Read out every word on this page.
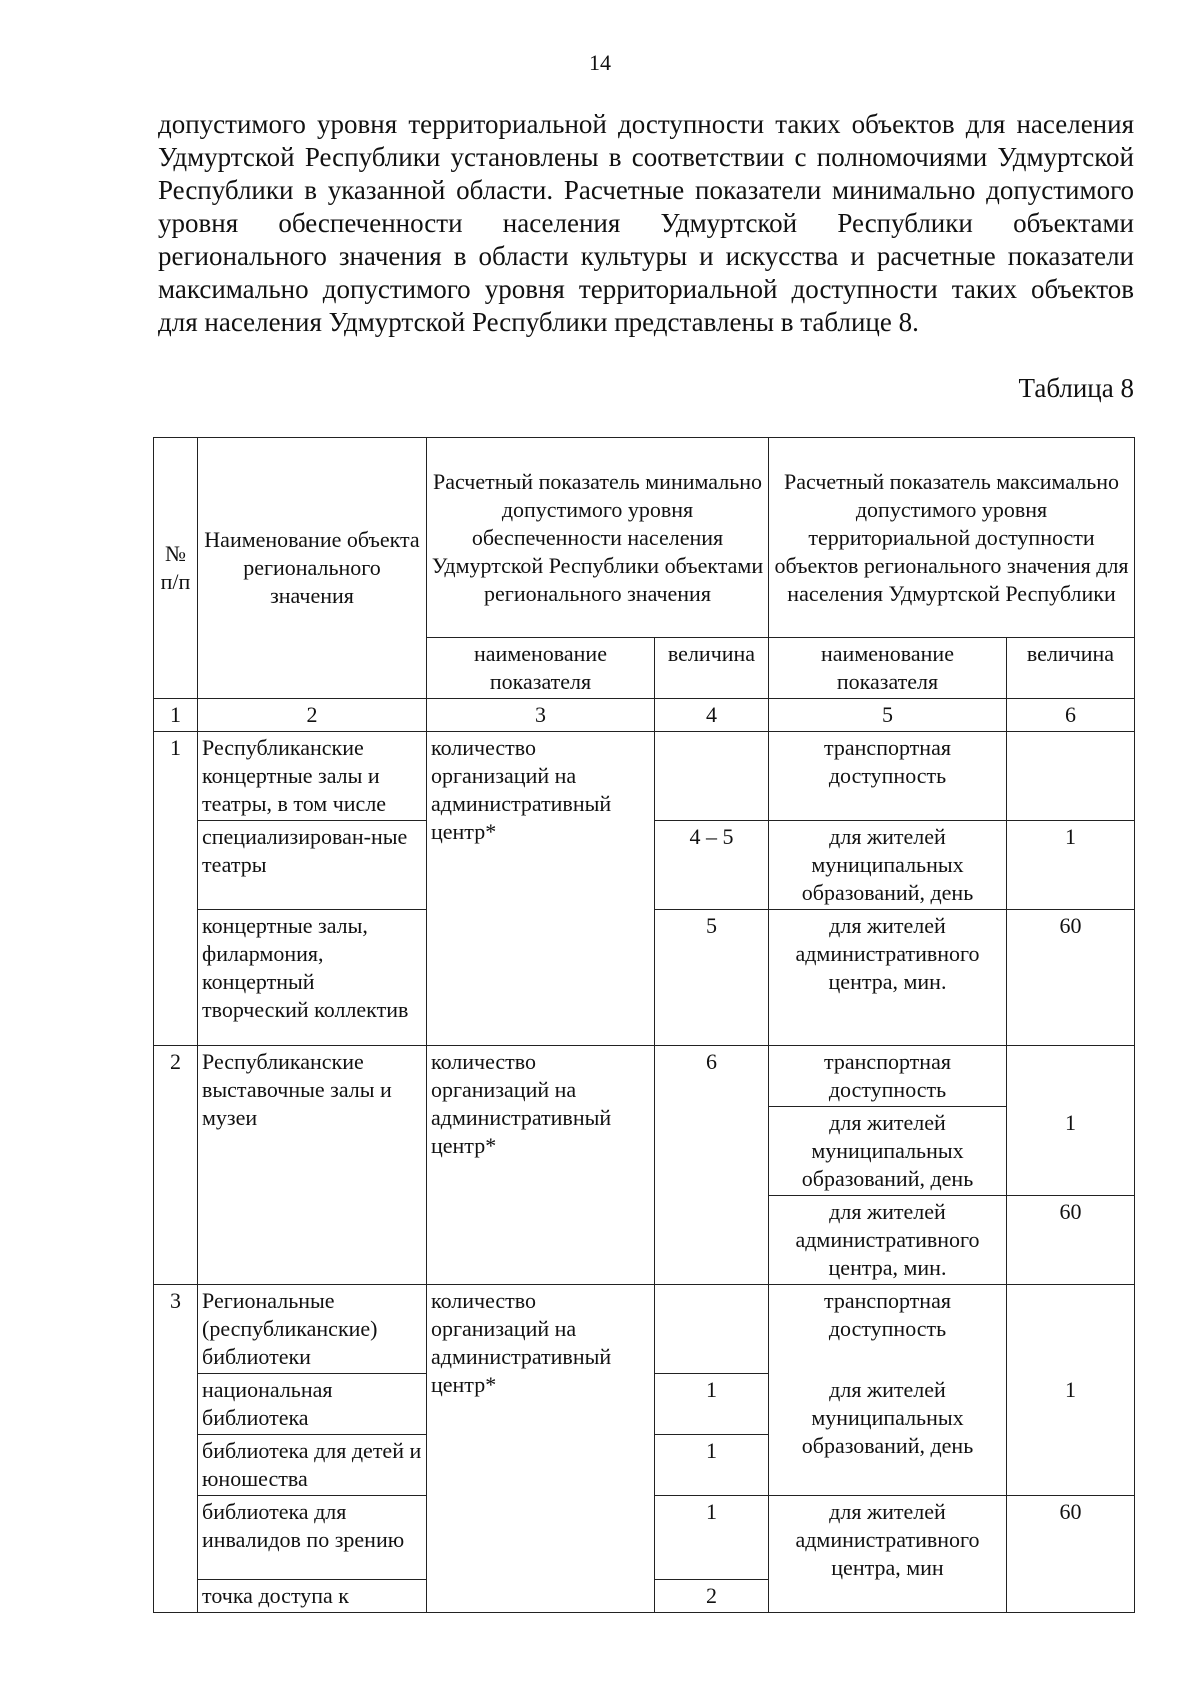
14

допустимого уровня территориальной доступности таких объектов для населения Удмуртской Республики установлены в соответствии с полномочиями Удмуртской Республики в указанной области. Расчетные показатели минимально допустимого уровня обеспеченности населения Удмуртской Республики объектами регионального значения в области культуры и искусства и расчетные показатели максимально допустимого уровня территориальной доступности таких объектов для населения Удмуртской Республики представлены в таблице 8.

Таблица 8
№ п/п	Наименование объекта регионального значения	Расчетный показатель минимально допустимого уровня обеспеченности населения Удмуртской Республики объектами регионального значения		Расчетный показатель максимально допустимого уровня территориальной доступности объектов регионального значения для населения Удмуртской Республики	
		наименование показателя	величина	наименование показателя	величина
1	2	3	4	5	6
1	Республиканские концертные залы и театры, в том числе	количество организаций на административный центр*		транспортная доступность	
	специализирован-ные театры		4 – 5	для жителей муниципальных образований, день	1
	концертные залы, филармония, концертный творческий коллектив		5	для жителей административного центра, мин.	60
2	Республиканские выставочные залы и музеи	количество организаций на административный центр*	6	транспортная доступность	
				для жителей муниципальных образований, день	1
				для жителей административного центра, мин.	60
3	Региональные (республиканские) библиотеки	количество организаций на административный центр*		транспортная доступность	
	национальная библиотека		1	для жителей муниципальных образований, день	1
	библиотека для детей и юношества		1		
	библиотека для инвалидов по зрению		1	для жителей административного центра, мин	60
	точка доступа к		2		
